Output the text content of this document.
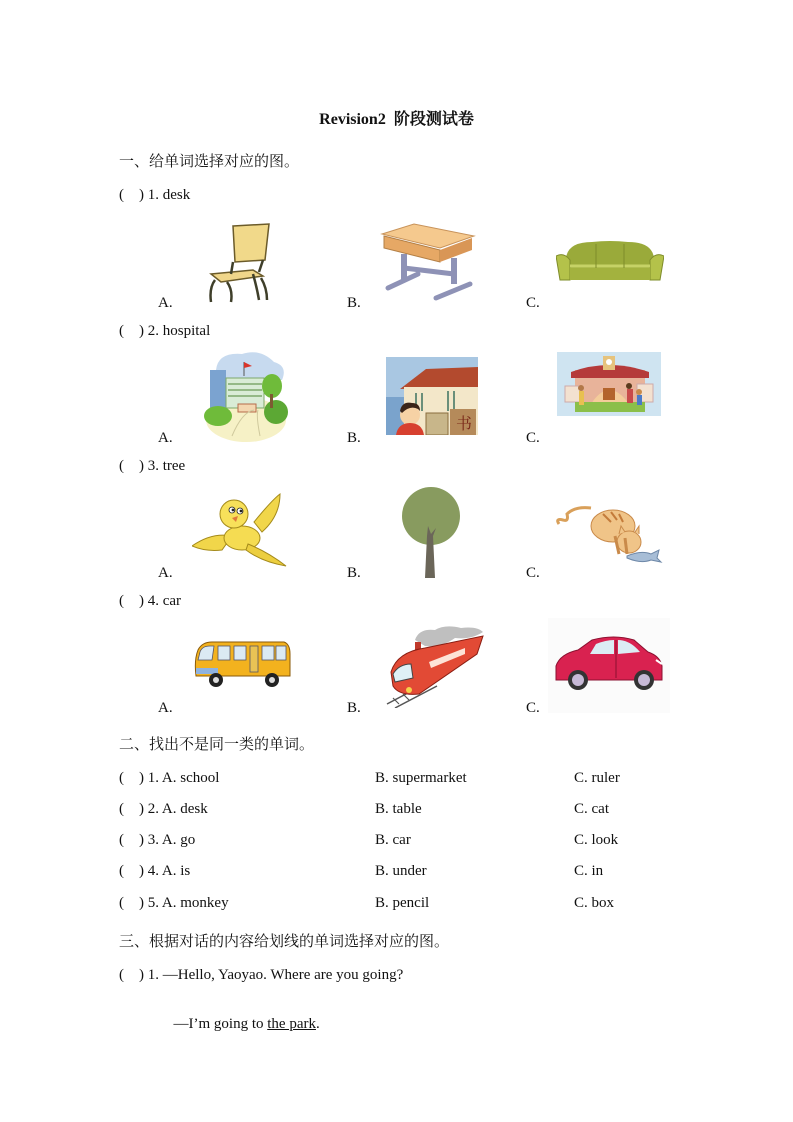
Revision2  阶段测试卷
一、给单词选择对应的图。
(    ) 1. desk
A.	B.	C.
(    ) 2. hospital
A.	B.	C.
书
(    ) 3. tree
A.	B.	C.
(    ) 4. car
A.	B.	C.
二、找出不是同一类的单词。
(    ) 1. A. school	B. supermarket	C. ruler
(    ) 2. A. desk	B. table	C. cat
(    ) 3. A. go	B. car	C. look
(    ) 4. A. is	B. under	C. in
(    ) 5. A. monkey	B. pencil	C. box
三、根据对话的内容给划线的单词选择对应的图。
(    ) 1. —Hello, Yaoyao. Where are you going?

—I’m going to the park.
